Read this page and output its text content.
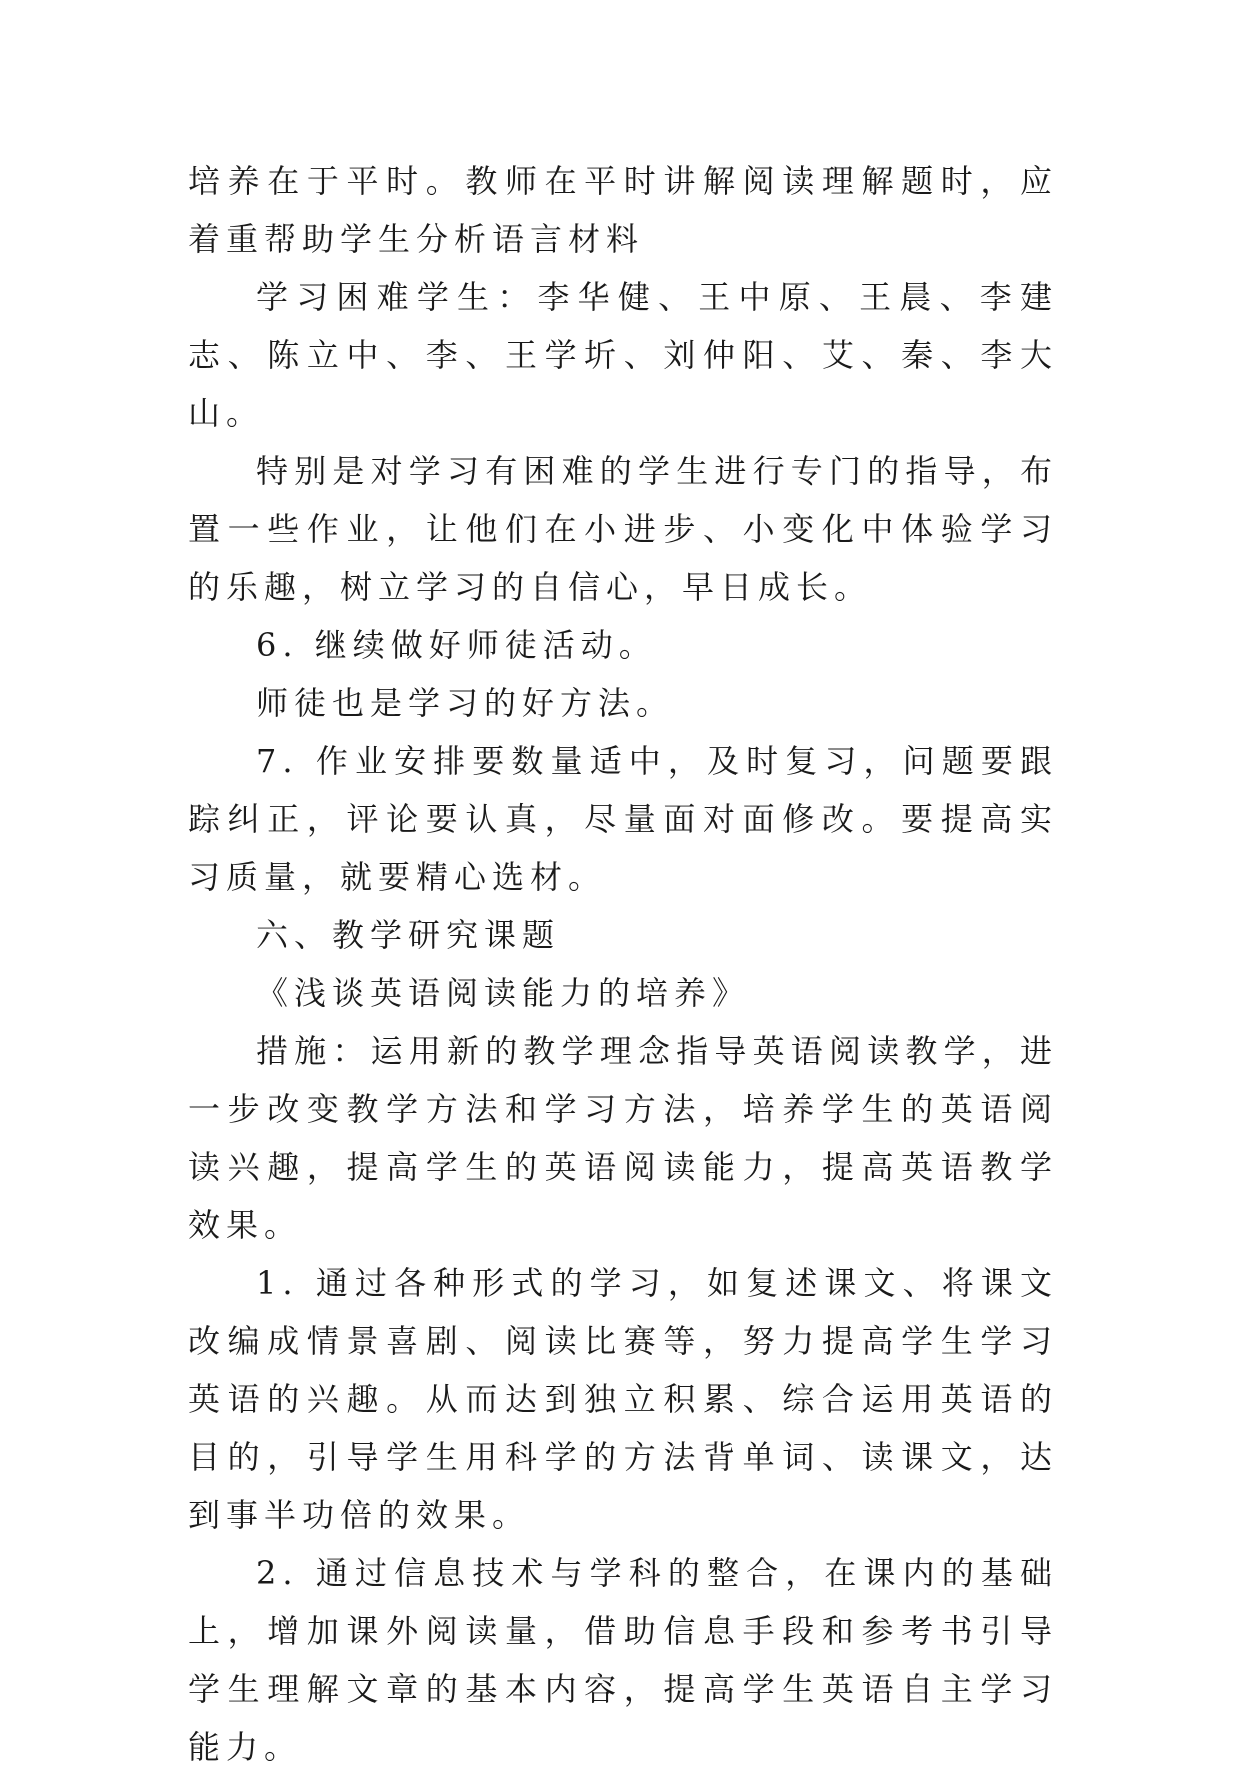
培养在于平时。教师在平时讲解阅读理解题时，应着重帮助学生分析语言材料

学习困难学生：李华健、王中原、王晨、李建志、陈立中、李、王学圻、刘仲阳、艾、秦、李大山。

特别是对学习有困难的学生进行专门的指导，布置一些作业，让他们在小进步、小变化中体验学习的乐趣，树立学习的自信心，早日成长。

6. 继续做好师徒活动。

师徒也是学习的好方法。

7. 作业安排要数量适中，及时复习，问题要跟踪纠正，评论要认真，尽量面对面修改。要提高实习质量，就要精心选材。

六、教学研究课题

《浅谈英语阅读能力的培养》

措施：运用新的教学理念指导英语阅读教学，进一步改变教学方法和学习方法，培养学生的英语阅读兴趣，提高学生的英语阅读能力，提高英语教学效果。

1. 通过各种形式的学习，如复述课文、将课文改编成情景喜剧、阅读比赛等，努力提高学生学习英语的兴趣。从而达到独立积累、综合运用英语的目的，引导学生用科学的方法背单词、读课文，达到事半功倍的效果。

2. 通过信息技术与学科的整合，在课内的基础上，增加课外阅读量，借助信息手段和参考书引导学生理解文章的基本内容，提高学生英语自主学习能力。
